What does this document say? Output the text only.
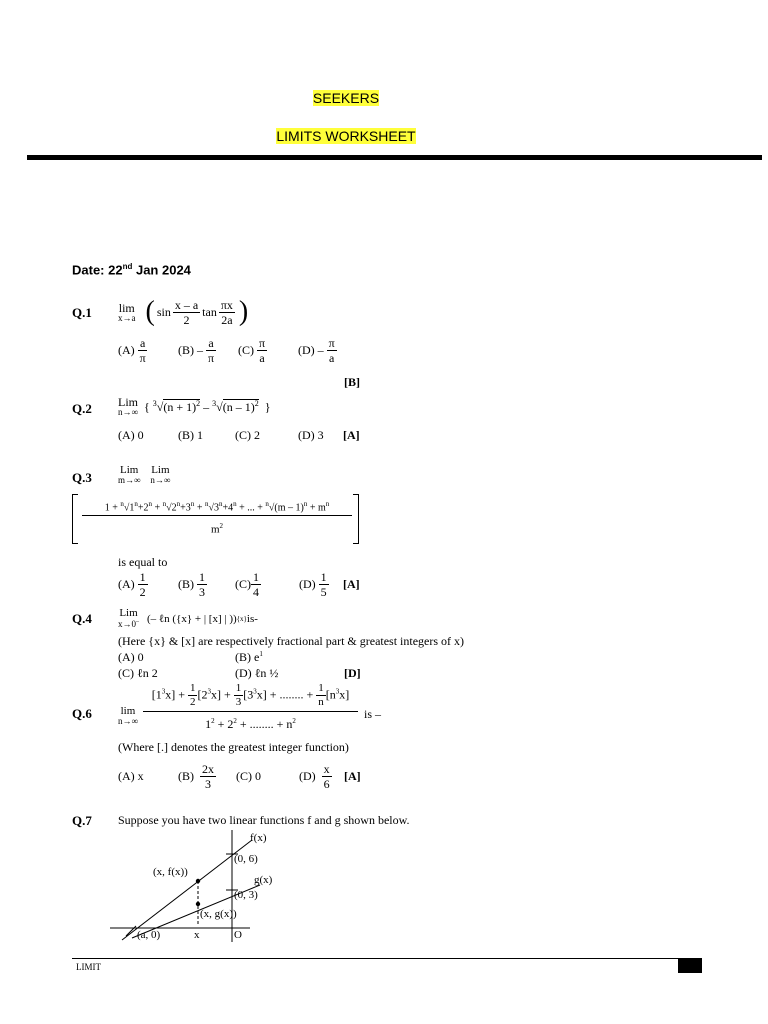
SEEKERS
LIMITS WORKSHEET
Date: 22nd Jan 2024
Q.1 lim
x→a ( $\sin \frac{x - a}{2}$ $\tan \frac{\pi x}{2a}$ )
(A)
$\frac{a}{\pi}$	(B) –
$\frac{a}{\pi} (C)$
$\frac{\pi}{a}$	(D) –
$\frac{\pi}{a}$
[B]
Q.2 Lim
n→∞ { $^3√(n + 1)^2 - ^3√(n - 1)^2$  }
(A) 0	(B) 1	(C) 2	(D) 3	[A]
Q.3	Lim
m→∞
Lim
n→∞
$\frac{1 + ^n√1^n+2^n + ^n√2^n+3^n + ^n√3^n+4^n + ... + ^n√(m - 1)^n + m^n}{m^2}$
is equal to
(A)
$\frac{1}{2}$	(B)
$\frac{1}{3} (C) \frac{1}{4}$	(D)
$\frac{1}{5} [A]$
Q.4 Lim
x→0– (– ℓn ({x} + | [x] | )) {x} is-
(Here {x} & [x] are respectively fractional part & greatest integers of x)
(A) 0	(B) $e^1$
(C) ℓn 2	(D) ℓn ½	[D]
Q.6	lim
$n\to\infty \frac{[1^3x] + \frac{1}{2} [2^3x] + \frac{1}{3} [3^3x] + ........ + \frac{1}{n} [n^3x]}{1^2 + 2^2 + ........ + n^2}$ is –
(Where [.] denotes the greatest integer function)
(A) x	(B)
$\frac{2x}{3} (C)$ 0	(D)
$\frac{x}{6} [A]$
Q.7 Suppose you have two linear functions f and g shown below.
f(x)
(0, 6)
(x, f(x))
g(x)
(0, 3)
(x, g(x))
(a, 0)	x	O
LIMIT
